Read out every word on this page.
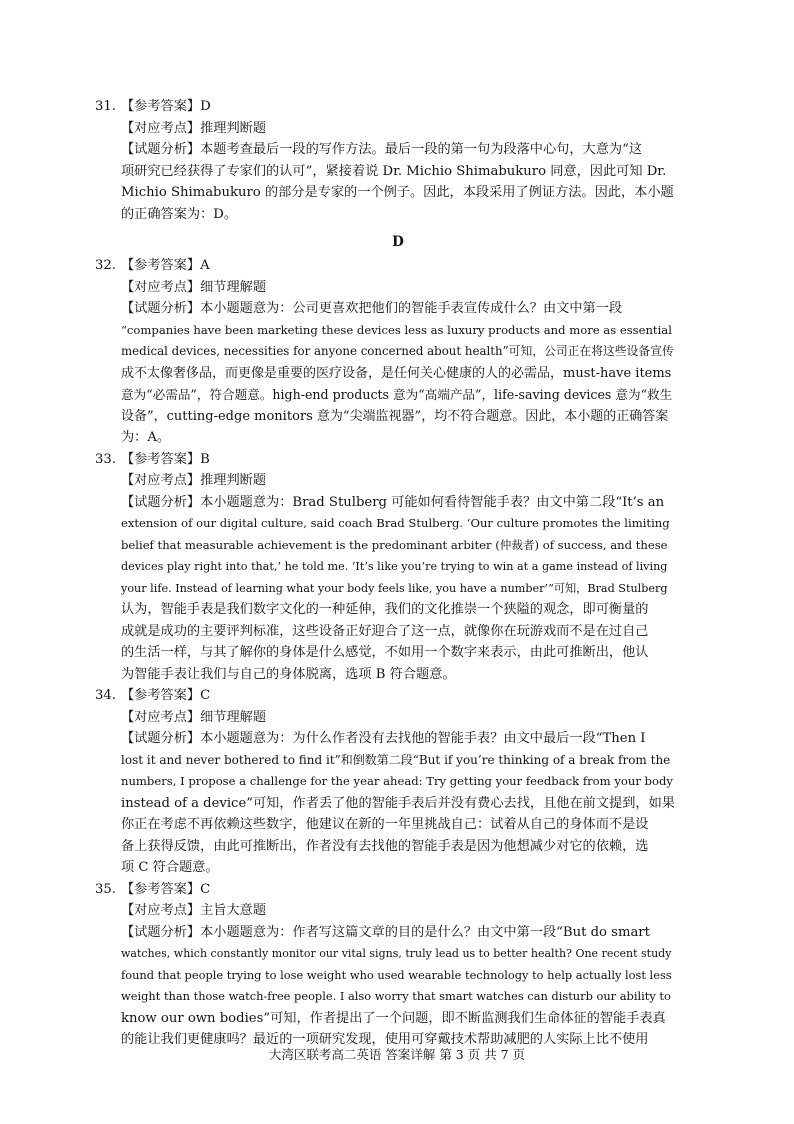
31. 【参考答案】D
【对应考点】推理判断题
【试题分析】本题考查最后一段的写作方法。最后一段的第一句为段落中心句，大意为“这
项研究已经获得了专家们的认可”，紧接着说 Dr. Michio Shimabukuro 同意，因此可知 Dr.
Michio Shimabukuro 的部分是专家的一个例子。因此，本段采用了例证方法。因此，本小题
的正确答案为：D。
D
32. 【参考答案】A
【对应考点】细节理解题
【试题分析】本小题题意为：公司更喜欢把他们的智能手表宣传成什么？由文中第一段
“companies have been marketing these devices less as luxury products and more as essential
medical devices, necessities for anyone concerned about health”可知，公司正在将这些设备宣传
成不太像奢侈品，而更像是重要的医疗设备，是任何关心健康的人的必需品，must-have items
意为“必需品”，符合题意。high-end products 意为“高端产品”，life-saving devices 意为“救生
设备”，cutting-edge monitors 意为“尖端监视器”，均不符合题意。因此，本小题的正确答案
为：A。
33. 【参考答案】B
【对应考点】推理判断题
【试题分析】本小题题意为：Brad Stulberg 可能如何看待智能手表？由文中第二段“It’s an
extension of our digital culture, said coach Brad Stulberg. ‘Our culture promotes the limiting
belief that measurable achievement is the predominant arbiter (仲裁者) of success, and these
devices play right into that,’ he told me. ‘It’s like you’re trying to win at a game instead of living
your life. Instead of learning what your body feels like, you have a number’”可知，Brad Stulberg
认为，智能手表是我们数字文化的一种延伸，我们的文化推崇一个狭隘的观念，即可衡量的
成就是成功的主要评判标准，这些设备正好迎合了这一点，就像你在玩游戏而不是在过自己
的生活一样，与其了解你的身体是什么感觉，不如用一个数字来表示，由此可推断出，他认
为智能手表让我们与自己的身体脱离，选项 B 符合题意。
34. 【参考答案】C
【对应考点】细节理解题
【试题分析】本小题题意为：为什么作者没有去找他的智能手表？由文中最后一段“Then I
lost it and never bothered to find it”和倒数第二段“But if you’re thinking of a break from the
numbers, I propose a challenge for the year ahead: Try getting your feedback from your body
instead of a device”可知，作者丢了他的智能手表后并没有费心去找，且他在前文提到，如果
你正在考虑不再依赖这些数字，他建议在新的一年里挑战自己：试着从自己的身体而不是设
备上获得反馈，由此可推断出，作者没有去找他的智能手表是因为他想减少对它的依赖，选
项 C 符合题意。
35. 【参考答案】C
【对应考点】主旨大意题
【试题分析】本小题题意为：作者写这篇文章的目的是什么？由文中第一段“But do smart
watches, which constantly monitor our vital signs, truly lead us to better health? One recent study
found that people trying to lose weight who used wearable technology to help actually lost less
weight than those watch-free people. I also worry that smart watches can disturb our ability to
know our own bodies”可知，作者提出了一个问题，即不断监测我们生命体征的智能手表真
的能让我们更健康吗？最近的一项研究发现，使用可穿戴技术帮助减肥的人实际上比不使用
大湾区联考高二英语 答案详解 第 3 页 共 7 页
